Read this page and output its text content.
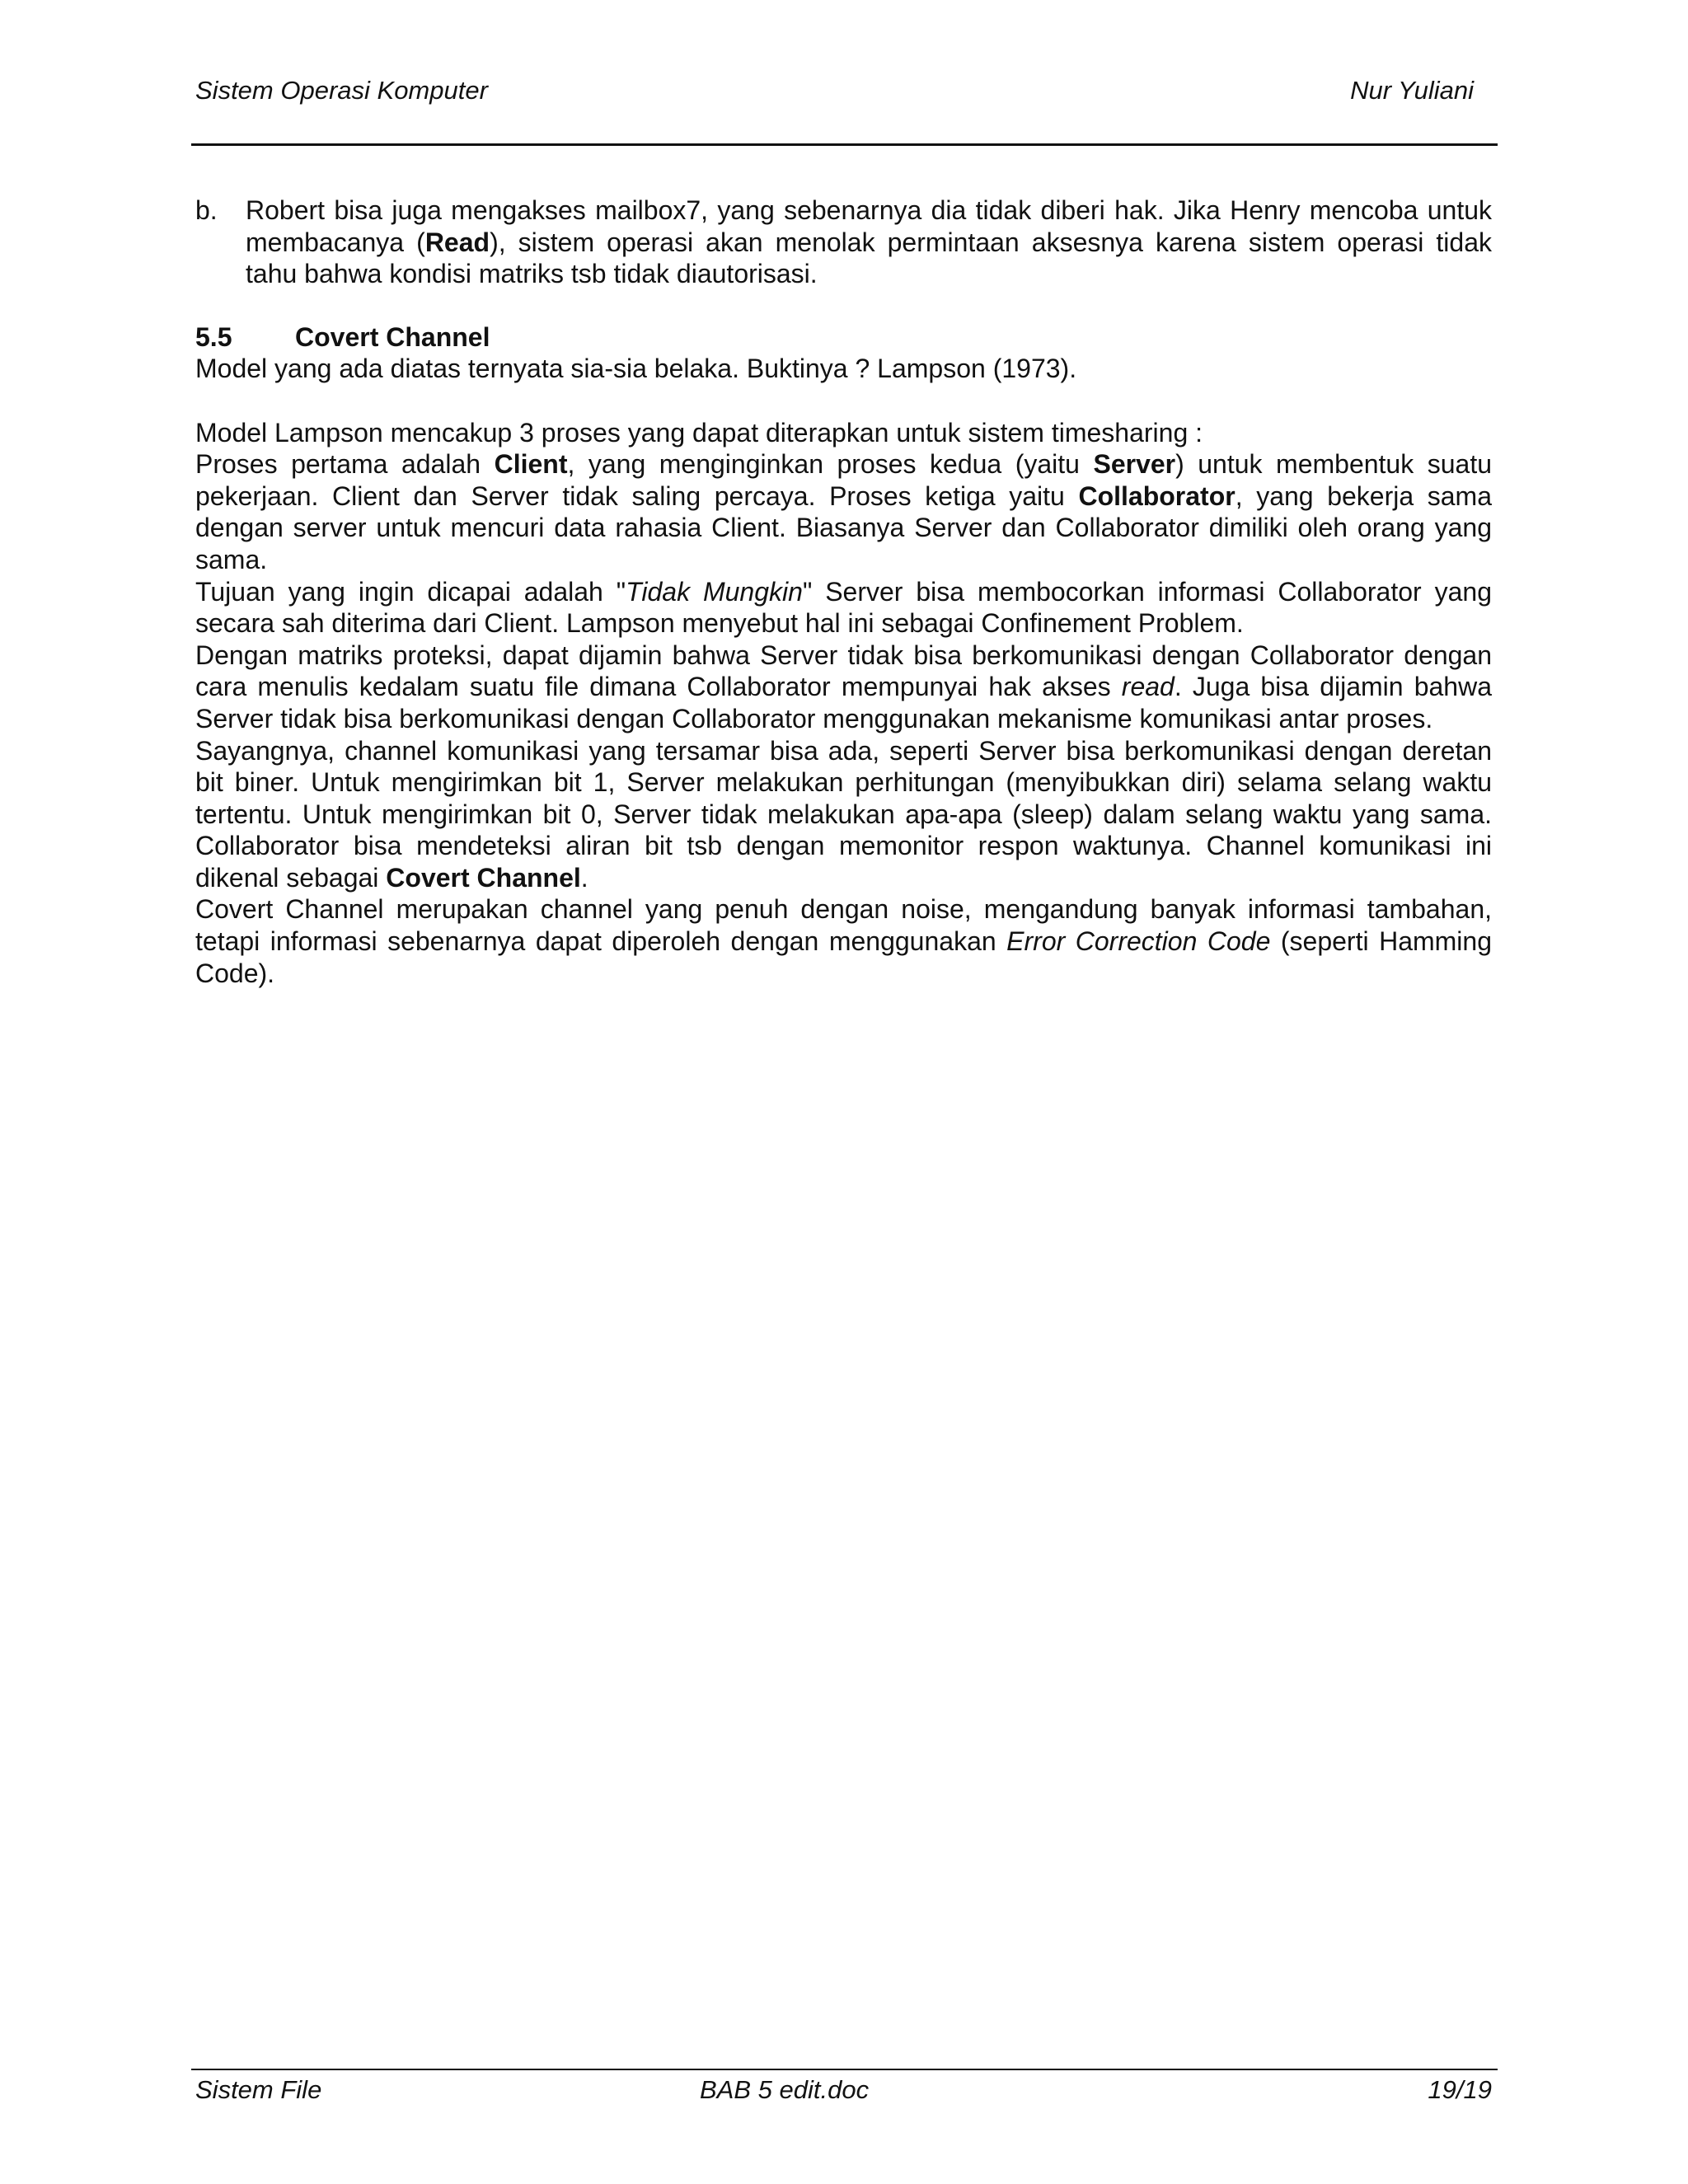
Sistem Operasi Komputer	Nur Yuliani
b. Robert bisa juga mengakses mailbox7, yang sebenarnya dia tidak diberi hak. Jika Henry mencoba untuk membacanya (Read), sistem operasi akan menolak permintaan aksesnya karena sistem operasi tidak tahu bahwa kondisi matriks tsb tidak diautorisasi.
5.5 Covert Channel
Model yang ada diatas ternyata sia-sia belaka. Buktinya ? Lampson (1973).
Model Lampson mencakup 3 proses yang dapat diterapkan untuk sistem timesharing :
Proses pertama adalah Client, yang menginginkan proses kedua (yaitu Server) untuk membentuk suatu pekerjaan. Client dan Server tidak saling percaya. Proses ketiga yaitu Collaborator, yang bekerja sama dengan server untuk mencuri data rahasia Client. Biasanya Server dan Collaborator dimiliki oleh orang yang sama.
Tujuan yang ingin dicapai adalah "Tidak Mungkin" Server bisa membocorkan informasi Collaborator yang secara sah diterima dari Client. Lampson menyebut hal ini sebagai Confinement Problem.
Dengan matriks proteksi, dapat dijamin bahwa Server tidak bisa berkomunikasi dengan Collaborator dengan cara menulis kedalam suatu file dimana Collaborator mempunyai hak akses read. Juga bisa dijamin bahwa Server tidak bisa berkomunikasi dengan Collaborator menggunakan mekanisme komunikasi antar proses.
Sayangnya, channel komunikasi yang tersamar bisa ada, seperti Server bisa berkomunikasi dengan deretan bit biner. Untuk mengirimkan bit 1, Server melakukan perhitungan (menyibukkan diri) selama selang waktu tertentu. Untuk mengirimkan bit 0, Server tidak melakukan apa-apa (sleep) dalam selang waktu yang sama. Collaborator bisa mendeteksi aliran bit tsb dengan memonitor respon waktunya. Channel komunikasi ini dikenal sebagai Covert Channel.
Covert Channel merupakan channel yang penuh dengan noise, mengandung banyak informasi tambahan, tetapi informasi sebenarnya dapat diperoleh dengan menggunakan Error Correction Code (seperti Hamming Code).
Sistem File	BAB 5 edit.doc	19/19
